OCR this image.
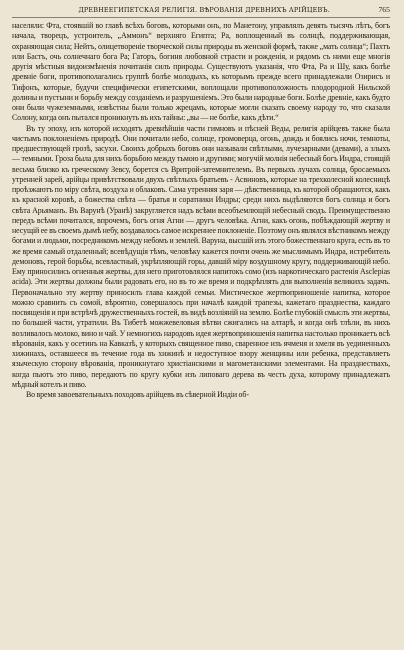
ДРЕВНЕЕГИПЕТСКАЯ РЕЛИГІЯ. ВѢРОВАНІЯ ДРЕВНИХЪ АРІЙЦЕВЪ.	765

населяли: Фта, стоявшій во главѣ всѣхъ боговъ, которыми онъ, по Манетону, управлялъ девять тысячъ лѣтъ, богъ начала, творецъ, устроитель, „Аммонъ“ верхняго Египта; Ра, воплощенный въ солнцѣ, поддерживающая, охраняющая сила; Нейтъ, олицетвореніе творческой силы природы въ женской формѣ, также „мать солнца“; Пахтъ или Бастъ, очь солнечнаго бога Ра; Гаторъ, богиня любовной страсти и рожденія, и рядомъ съ ними еще многія другія мѣстныя видоизмѣненія почитанія силъ природы. Существуютъ указанія, что Фта, Ра и Шу, какъ болѣе древніе боги, противополагались группѣ болѣе молодыхъ, къ которымъ прежде всего принадлежали Озирисъ и Тифонъ, которые, будучи специфически египетскими, воплощали противоположность плодородной Нильской долины и пустыни и борьбу между созданіемъ и разрушеніемъ. Это были народные боги. Болѣе древніе, какъ будто они были чужеземными, извѣстны были только жрецамъ, которые могли сказать своему народу то, что сказали Солону, когда онъ пытался проникнуть въ ихъ тайны: „вы — не болѣе, какъ дѣти.“

Въ ту эпоху, изъ которой исходятъ древнѣйшія части гимновъ и пѣсней Веды, религія арійцевъ также была чистымъ поклоненіемъ природѣ. Они почитали небо, солнце, громоверца, огонь, дождь и боялись ночи, темноты, предшествующей грозѣ, засухи. Своихъ добрыхъ боговъ они называли свѣтлыми, лучезарными (девами), а злыхъ — темными. Гроза была для нихъ борьбою между тьмою и другими; могучій молнія небесный богъ Индра, стоящій весьма близко къ греческому Зевсу, борется съ Вритрой-затемнителемъ. Въ первыхъ лучахъ солнца, бросаемыхъ утренней зарей, арійцы привѣтствовали двухъ свѣтлыхъ братьевъ - Асвиновъ, которые на трехколесной колесницѣ проѣзжаютъ по міру свѣта, воздуха и облаковъ. Сама утренняя заря — дѣвственница, къ которой обращаются, какъ къ красной коровѣ, а божества свѣта — братья и соратники Индры; среди нихъ выдѣляются богъ солнца и богъ свѣта Арьяманъ. Въ Варунѣ (Уранѣ) закругляется надъ всѣми всеобъемлющій небесный сводъ. Преимущественно передъ всѣми почитался, впрочемъ, богъ огня Агни — другъ человѣка. Агни, какъ огонь, побѣждающій жертву и несущій ее въ своемъ дымѣ небу, воздавалось самое искреннее поклоненіе. Поэтому онъ являлся вѣстникомъ между богами и людьми, посредникомъ между небомъ и землей. Варуна, высшій изъ этого божественнаго круга, есть въ то же время самый отдаленный; всевѣдущія тѣмъ, человѣку кажется почти очень же мыслимымъ Индра, истребитель демоновъ, герой борьбы, всевластный, укрѣпляющій горы, давшій міру воздушному кругу, поддерживающій небо. Ему приносились огненныя жертвы, для него приготовлялся напитокъ сомо (изъ наркотическаго растенія Asclepias acida). Эти жертвы должны были радовать его, но въ то же время и подкрѣплять для выполненія великихъ задачъ. Первоначально эту жертву приносилъ глава каждой семьи. Мистическое жертвоприношеніе напитка, которое можно сравнить съ сомой, вѣроятно, совершалось при началѣ каждой трапезы, кажетаго празднества, каждаго посвященія и при встрѣчѣ дружественныхъ гостей, въ видѣ возліяній на землю. Болѣе глубокій смыслъ эти жертвы, по большей части, утратили. Въ Тибетѣ можжевеловыя вѣтви сжигались на алтарѣ, и когда онѣ тлѣли, въ нихъ возливалось молоко, вино и чай. У немногихъ народовъ идея жертвоприношенія напитка настолько проникаетъ всѣ вѣрованія, какъ у осетинъ на Кавказѣ, у которыхъ священное пиво, сваренное изъ ячменя и хмеля въ уединенныхъ хижинахъ, оставшееся въ течение года въ хижинѣ и недоступное взору женщины или ребенка, представляетъ языческую сторону вѣрованія, проникнутаго христіанскими и магометанскими элементами. На празднествахъ, когда пьютъ это пиво, передаютъ по кругу кубки изъ липоваго дерева въ честь духа, которому принадлежатъ мѣдный котелъ и пиво.

Во время завоевательныхъ походовъ арійцевъ въ сѣверной Индіи об-
